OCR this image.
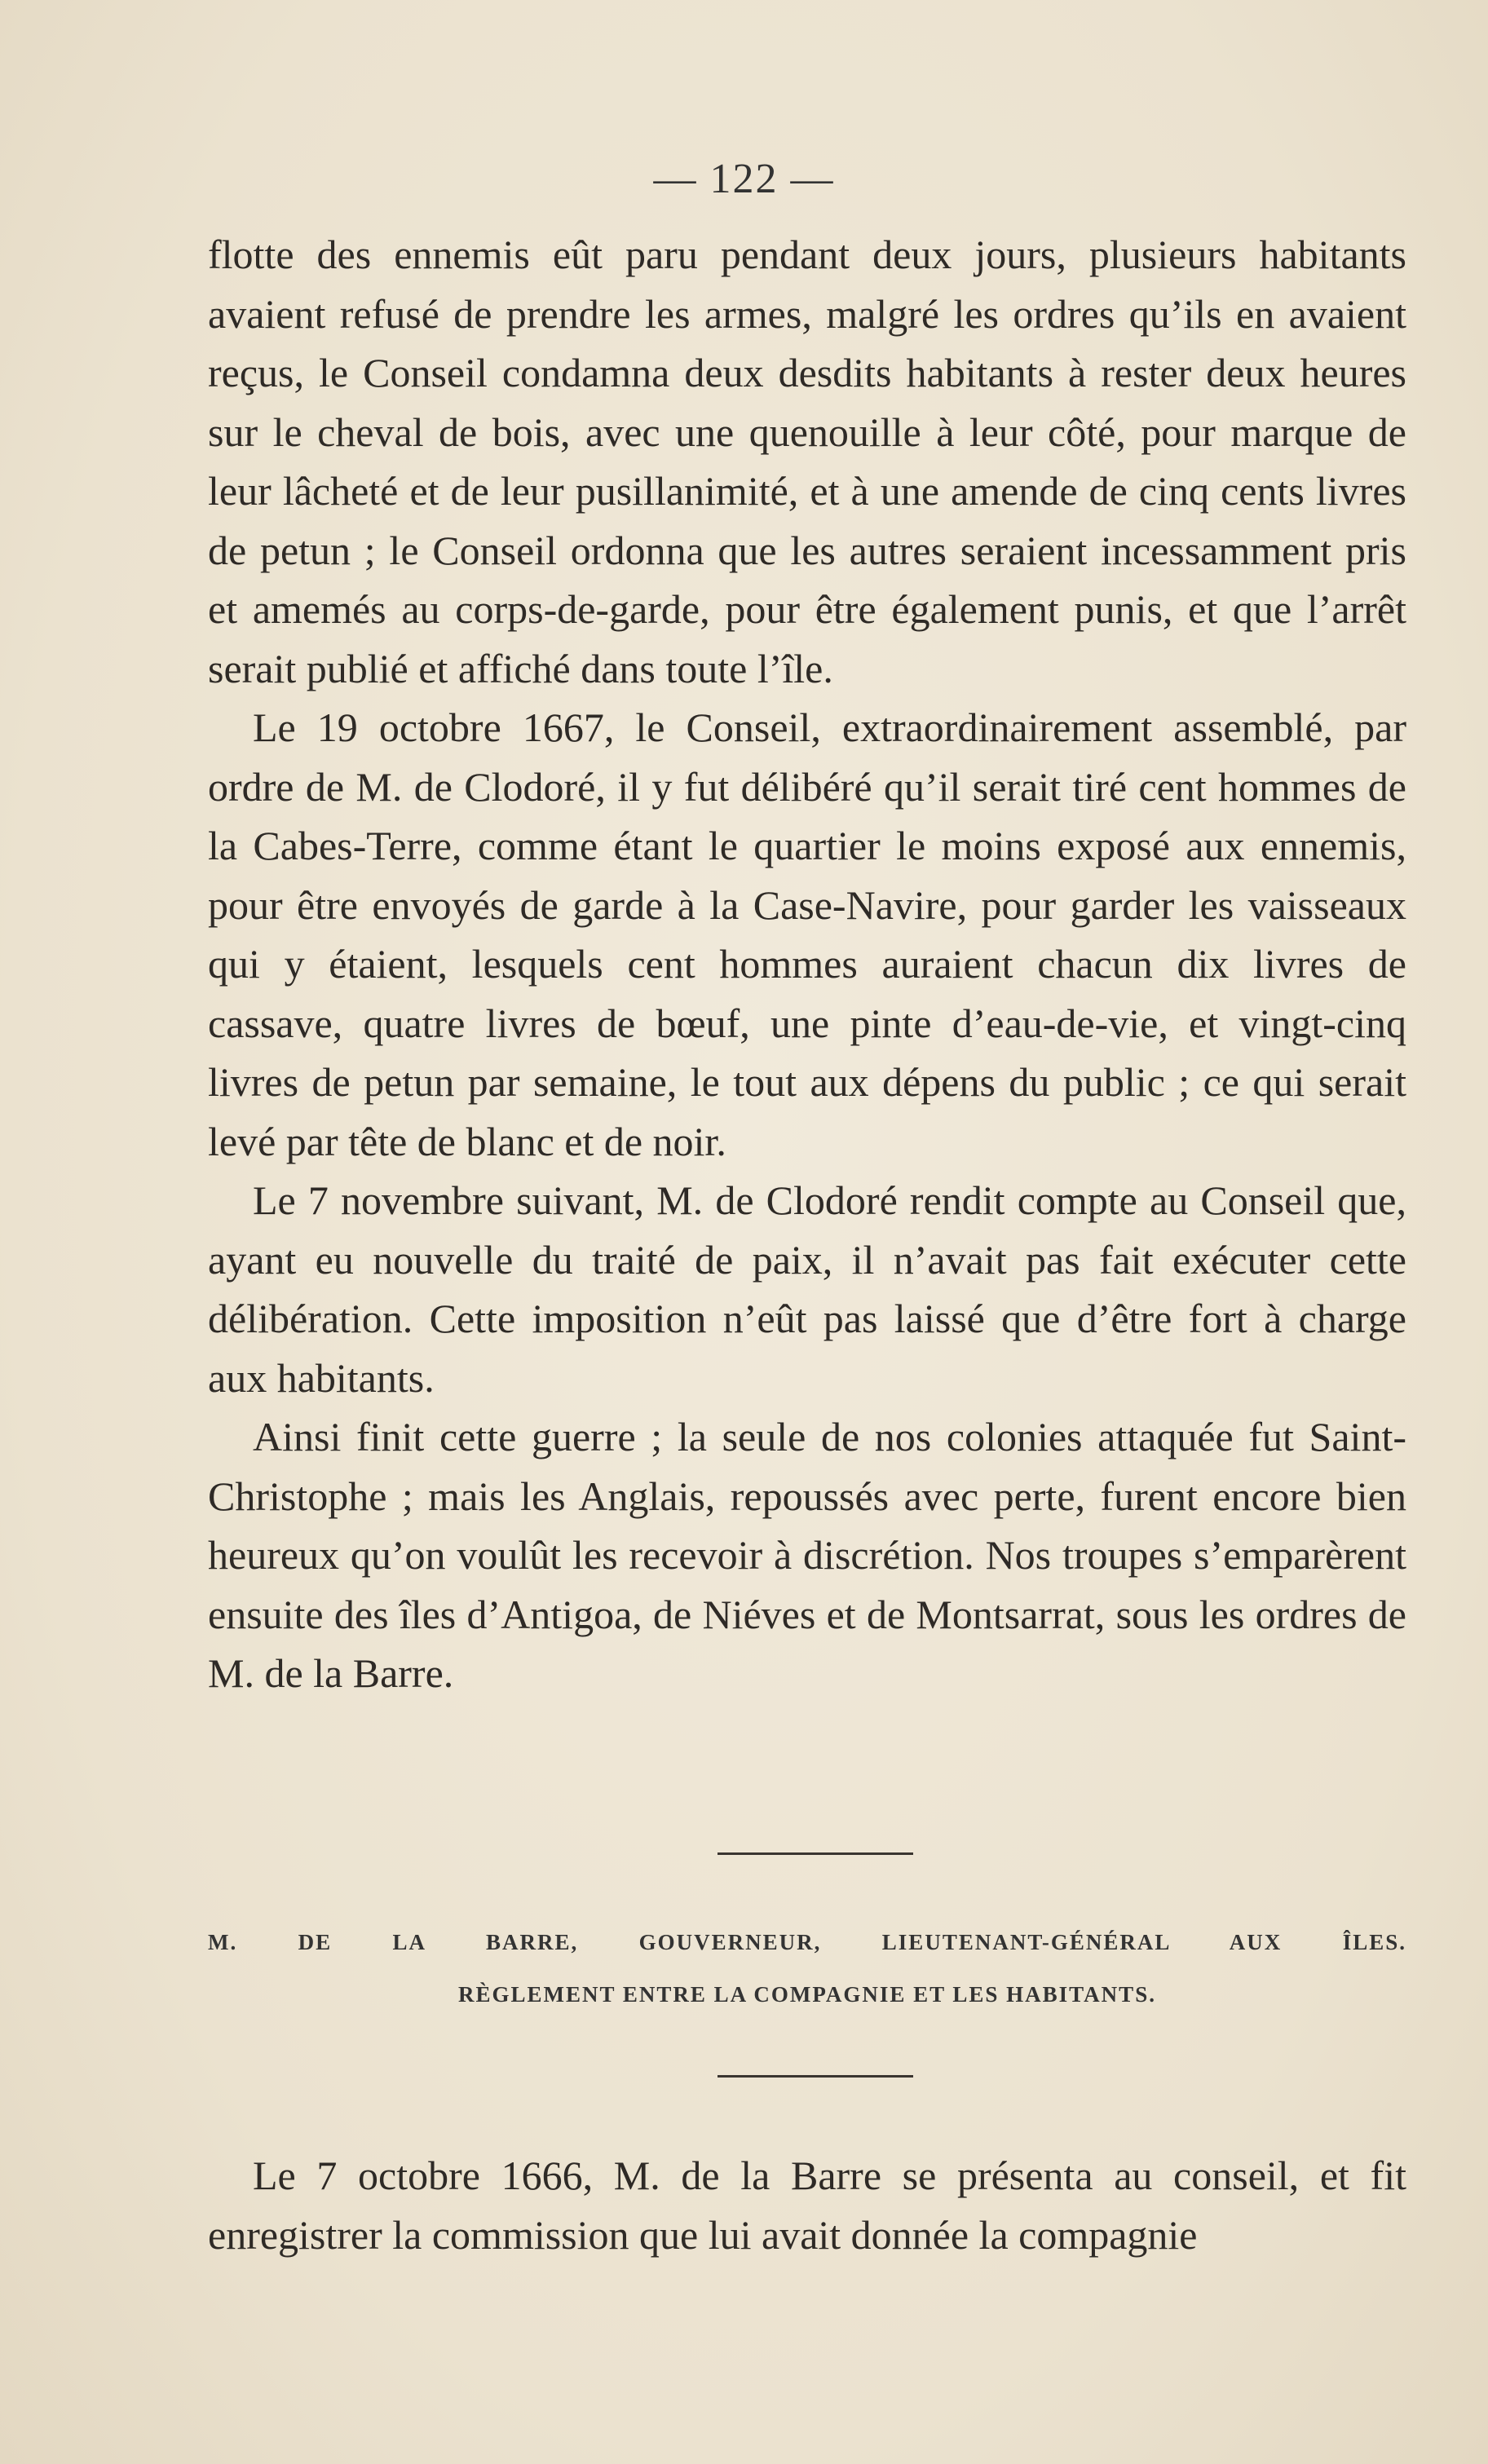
— 122 —

flotte des ennemis eût paru pendant deux jours, plusieurs habitants avaient refusé de prendre les armes, malgré les ordres qu’ils en avaient reçus, le Conseil condamna deux desdits habitants à rester deux heures sur le cheval de bois, avec une quenouille à leur côté, pour marque de leur lâcheté et de leur pusillanimité, et à une amende de cinq cents livres de petun ; le Conseil ordonna que les autres seraient incessamment pris et amemés au corps-de-garde, pour être également punis, et que l’arrêt serait publié et affiché dans toute l’île.

Le 19 octobre 1667, le Conseil, extraordinairement assemblé, par ordre de M. de Clodoré, il y fut délibéré qu’il serait tiré cent hommes de la Cabes-Terre, comme étant le quartier le moins exposé aux ennemis, pour être envoyés de garde à la Case-Navire, pour garder les vaisseaux qui y étaient, lesquels cent hommes auraient chacun dix livres de cassave, quatre livres de bœuf, une pinte d’eau-de-vie, et vingt-cinq livres de petun par semaine, le tout aux dépens du public ; ce qui serait levé par tête de blanc et de noir.

Le 7 novembre suivant, M. de Clodoré rendit compte au Conseil que, ayant eu nouvelle du traité de paix, il n’avait pas fait exécuter cette délibération. Cette imposition n’eût pas laissé que d’être fort à charge aux habitants.

Ainsi finit cette guerre ; la seule de nos colonies attaquée fut Saint-Christophe ; mais les Anglais, repoussés avec perte, furent encore bien heureux qu’on voulût les recevoir à discrétion. Nos troupes s’emparèrent ensuite des îles d’Antigoa, de Niéves et de Montsarrat, sous les ordres de M. de la Barre.

M. DE LA BARRE, GOUVERNEUR, LIEUTENANT-GÉNÉRAL AUX ÎLES.
RÈGLEMENT ENTRE LA COMPAGNIE ET LES HABITANTS.

Le 7 octobre 1666, M. de la Barre se présenta au conseil, et fit enregistrer la commission que lui avait donnée la compagnie
